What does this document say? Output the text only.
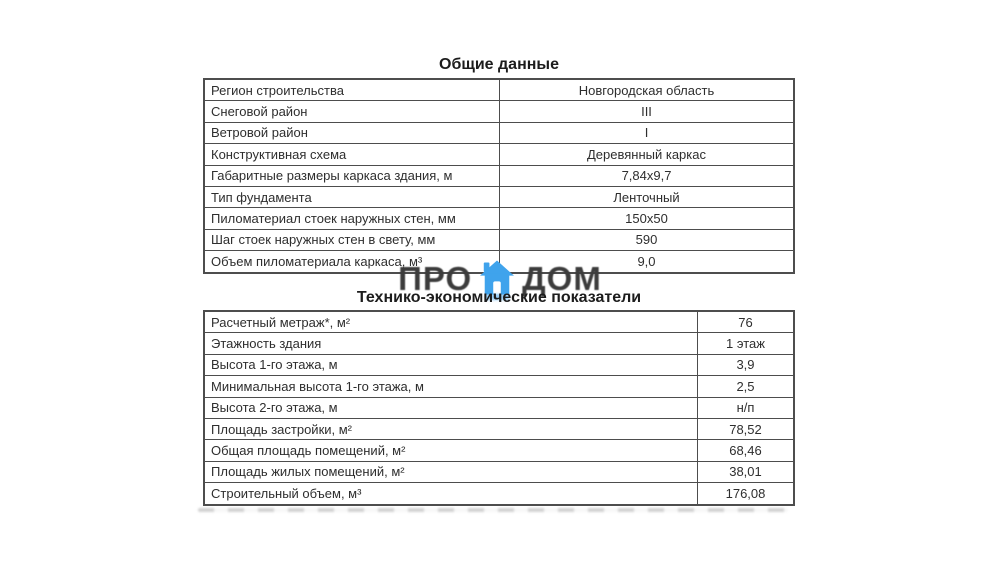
Общие данные
Регион строительства	Новгородская область
Снеговой район	III
Ветровой район	I
Конструктивная схема	Деревянный каркас
Габаритные размеры каркаса здания, м	7,84x9,7
Тип фундамента	Ленточный
Пиломатериал стоек наружных стен, мм	150x50
Шаг стоек наружных стен в свету, мм	590
Объем пиломатериала каркаса, м³	9,0
Технико-экономические показатели
Расчетный метраж*, м²	76
Этажность здания	1 этаж
Высота 1-го этажа, м	3,9
Минимальная высота 1-го этажа, м	2,5
Высота 2-го этажа, м	н/п
Площадь застройки, м²	78,52
Общая площадь помещений, м²	68,46
Площадь жилых помещений, м²	38,01
Строительный объем, м³	176,08
ПРО ДОМ
